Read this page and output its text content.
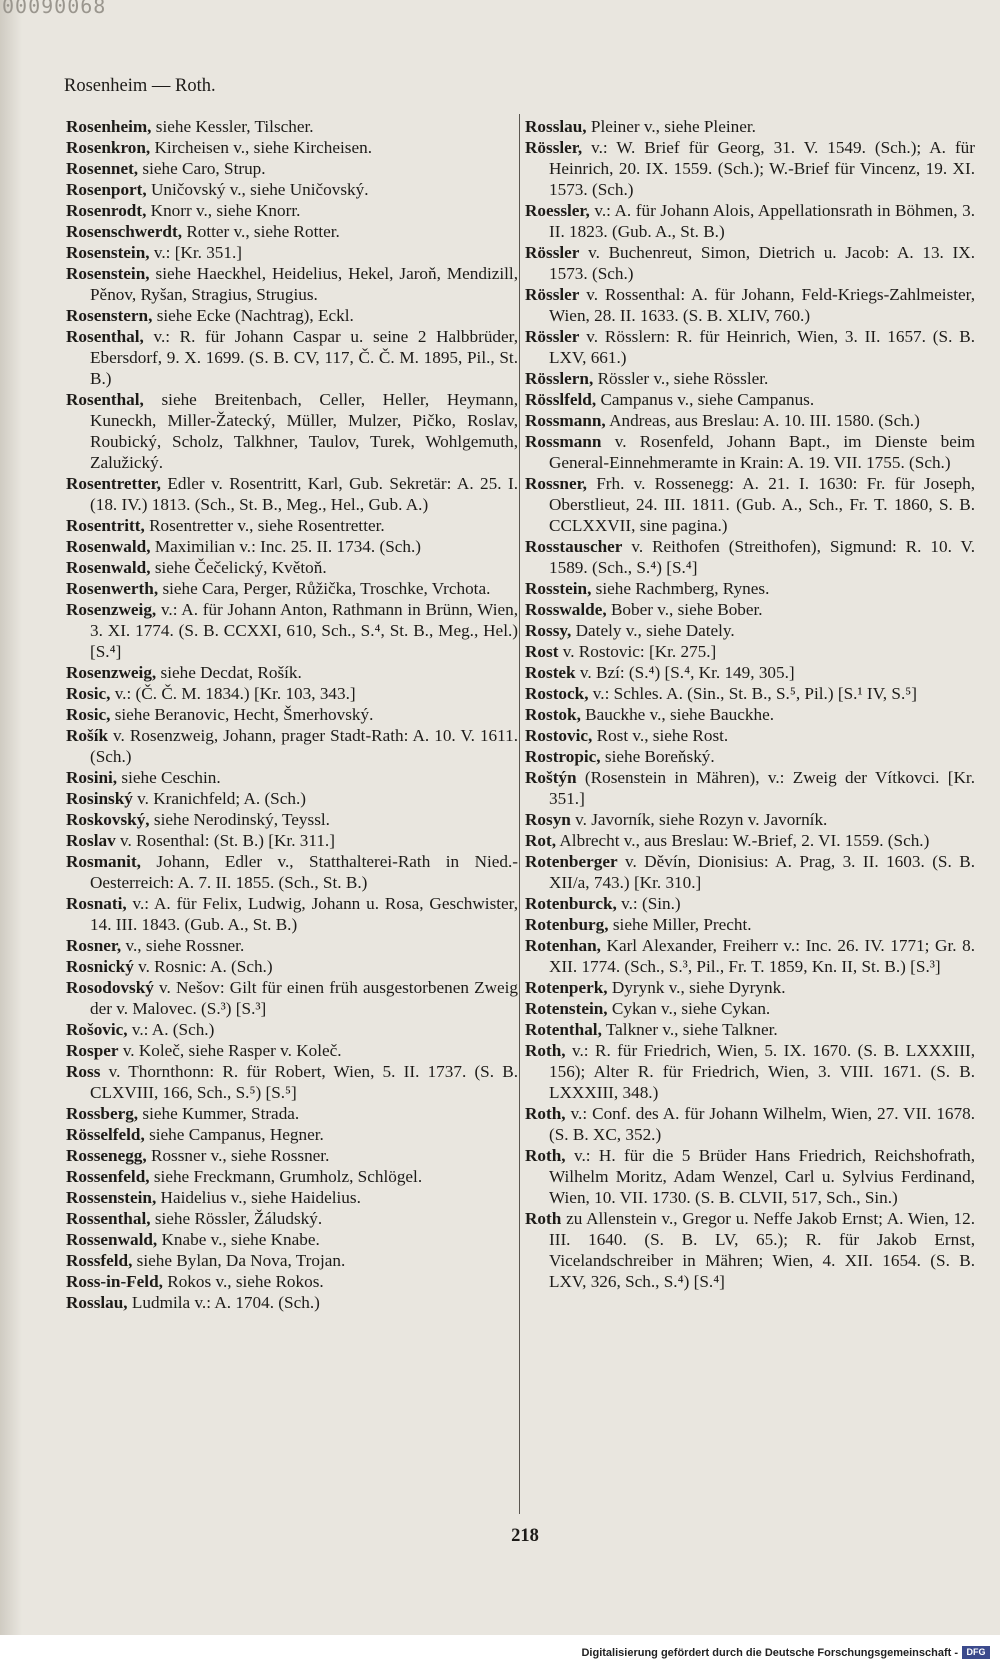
00090068
Rosenheim — Roth.

Rosenheim, siehe Kessler, Tilscher.

Rosenkron, Kircheisen v., siehe Kircheisen.

Rosennet, siehe Caro, Strup.

Rosenport, Uničovský v., siehe Uničovský.

Rosenrodt, Knorr v., siehe Knorr.

Rosenschwerdt, Rotter v., siehe Rotter.

Rosenstein, v.: [Kr. 351.]

Rosenstein, siehe Haeckhel, Heidelius, Hekel, Jaroň, Mendizill, Pěnov, Ryšan, Stragius, Strugius.

Rosenstern, siehe Ecke (Nachtrag), Eckl.

Rosenthal, v.: R. für Johann Caspar u. seine 2 Halbbrüder, Ebersdorf, 9. X. 1699. (S. B. CV, 117, Č. Č. M. 1895, Pil., St. B.)

Rosenthal, siehe Breitenbach, Celler, Heller, Heymann, Kuneckh, Miller-Žatecký, Müller, Mulzer, Pičko, Roslav, Roubický, Scholz, Talkhner, Taulov, Turek, Wohlgemuth, Zalužický.

Rosentretter, Edler v. Rosentritt, Karl, Gub. Sekretär: A. 25. I. (18. IV.) 1813. (Sch., St. B., Meg., Hel., Gub. A.)

Rosentritt, Rosentretter v., siehe Rosentretter.

Rosenwald, Maximilian v.: Inc. 25. II. 1734. (Sch.)

Rosenwald, siehe Čečelický, Květoň.

Rosenwerth, siehe Cara, Perger, Růžička, Troschke, Vrchota.

Rosenzweig, v.: A. für Johann Anton, Rathmann in Brünn, Wien, 3. XI. 1774. (S. B. CCXXI, 610, Sch., S.⁴, St. B., Meg., Hel.) [S.⁴]

Rosenzweig, siehe Decdat, Rošík.

Rosic, v.: (Č. Č. M. 1834.) [Kr. 103, 343.]

Rosic, siehe Beranovic, Hecht, Šmerhovský.

Rošík v. Rosenzweig, Johann, prager Stadt-Rath: A. 10. V. 1611. (Sch.)

Rosini, siehe Ceschin.

Rosinský v. Kranichfeld; A. (Sch.)

Roskovský, siehe Nerodinský, Teyssl.

Roslav v. Rosenthal: (St. B.) [Kr. 311.]

Rosmanit, Johann, Edler v., Statthalterei-Rath in Nied.-Oesterreich: A. 7. II. 1855. (Sch., St. B.)

Rosnati, v.: A. für Felix, Ludwig, Johann u. Rosa, Geschwister, 14. III. 1843. (Gub. A., St. B.)

Rosner, v., siehe Rossner.

Rosnický v. Rosnic: A. (Sch.)

Rosodovský v. Nešov: Gilt für einen früh ausgestorbenen Zweig der v. Malovec. (S.³) [S.³]

Rošovic, v.: A. (Sch.)

Rosper v. Koleč, siehe Rasper v. Koleč.

Ross v. Thornthonn: R. für Robert, Wien, 5. II. 1737. (S. B. CLXVIII, 166, Sch., S.⁵) [S.⁵]

Rossberg, siehe Kummer, Strada.

Rösselfeld, siehe Campanus, Hegner.

Rossenegg, Rossner v., siehe Rossner.

Rossenfeld, siehe Freckmann, Grumholz, Schlögel.

Rossenstein, Haidelius v., siehe Haidelius.

Rossenthal, siehe Rössler, Žáludský.

Rossenwald, Knabe v., siehe Knabe.

Rossfeld, siehe Bylan, Da Nova, Trojan.

Ross-in-Feld, Rokos v., siehe Rokos.

Rosslau, Ludmila v.: A. 1704. (Sch.)

Rosslau, Pleiner v., siehe Pleiner.

Rössler, v.: W. Brief für Georg, 31. V. 1549. (Sch.); A. für Heinrich, 20. IX. 1559. (Sch.); W.-Brief für Vincenz, 19. XI. 1573. (Sch.)

Roessler, v.: A. für Johann Alois, Appellationsrath in Böhmen, 3. II. 1823. (Gub. A., St. B.)

Rössler v. Buchenreut, Simon, Dietrich u. Jacob: A. 13. IX. 1573. (Sch.)

Rössler v. Rossenthal: A. für Johann, Feld-Kriegs-Zahlmeister, Wien, 28. II. 1633. (S. B. XLIV, 760.)

Rössler v. Rösslern: R. für Heinrich, Wien, 3. II. 1657. (S. B. LXV, 661.)

Rösslern, Rössler v., siehe Rössler.

Rösslfeld, Campanus v., siehe Campanus.

Rossmann, Andreas, aus Breslau: A. 10. III. 1580. (Sch.)

Rossmann v. Rosenfeld, Johann Bapt., im Dienste beim General-Einnehmeramte in Krain: A. 19. VII. 1755. (Sch.)

Rossner, Frh. v. Rossenegg: A. 21. I. 1630: Fr. für Joseph, Oberstlieut, 24. III. 1811. (Gub. A., Sch., Fr. T. 1860, S. B. CCLXXVII, sine pagina.)

Rosstauscher v. Reithofen (Streithofen), Sigmund: R. 10. V. 1589. (Sch., S.⁴) [S.⁴]

Rosstein, siehe Rachmberg, Rynes.

Rosswalde, Bober v., siehe Bober.

Rossy, Dately v., siehe Dately.

Rost v. Rostovic: [Kr. 275.]

Rostek v. Bzí: (S.⁴) [S.⁴, Kr. 149, 305.]

Rostock, v.: Schles. A. (Sin., St. B., S.⁵, Pil.) [S.¹ IV, S.⁵]

Rostok, Bauckhe v., siehe Bauckhe.

Rostovic, Rost v., siehe Rost.

Rostropic, siehe Boreňský.

Roštýn (Rosenstein in Mähren), v.: Zweig der Vítkovci. [Kr. 351.]

Rosyn v. Javorník, siehe Rozyn v. Javorník.

Rot, Albrecht v., aus Breslau: W.-Brief, 2. VI. 1559. (Sch.)

Rotenberger v. Děvín, Dionisius: A. Prag, 3. II. 1603. (S. B. XII/a, 743.) [Kr. 310.]

Rotenburck, v.: (Sin.)

Rotenburg, siehe Miller, Precht.

Rotenhan, Karl Alexander, Freiherr v.: Inc. 26. IV. 1771; Gr. 8. XII. 1774. (Sch., S.³, Pil., Fr. T. 1859, Kn. II, St. B.) [S.³]

Rotenperk, Dyrynk v., siehe Dyrynk.

Rotenstein, Cykan v., siehe Cykan.

Rotenthal, Talkner v., siehe Talkner.

Roth, v.: R. für Friedrich, Wien, 5. IX. 1670. (S. B. LXXXIII, 156); Alter R. für Friedrich, Wien, 3. VIII. 1671. (S. B. LXXXIII, 348.)

Roth, v.: Conf. des A. für Johann Wilhelm, Wien, 27. VII. 1678. (S. B. XC, 352.)

Roth, v.: H. für die 5 Brüder Hans Friedrich, Reichshofrath, Wilhelm Moritz, Adam Wenzel, Carl u. Sylvius Ferdinand, Wien, 10. VII. 1730. (S. B. CLVII, 517, Sch., Sin.)

Roth zu Allenstein v., Gregor u. Neffe Jakob Ernst; A. Wien, 12. III. 1640. (S. B. LV, 65.); R. für Jakob Ernst, Vicelandschreiber in Mähren; Wien, 4. XII. 1654. (S. B. LXV, 326, Sch., S.⁴) [S.⁴]

218
Digitalisierung gefördert durch die Deutsche Forschungsgemeinschaft - DFG
